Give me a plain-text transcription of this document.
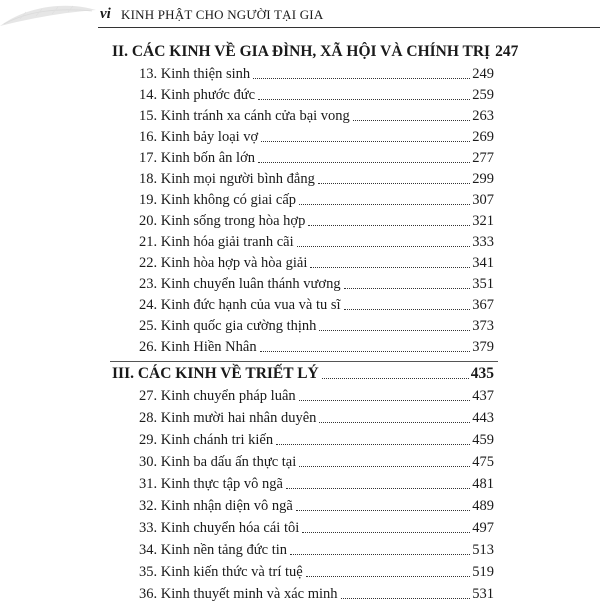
vi KINH PHẬT CHO NGƯỜI TẠI GIA
II. CÁC KINH VỀ GIA ĐÌNH, XÃ HỘI VÀ CHÍNH TRỊ 247
13. Kinh thiện sinh	249
14. Kinh phước đức	259
15. Kinh tránh xa cánh cửa bại vong	263
16. Kinh bảy loại vợ	269
17. Kinh bốn ân lớn	277
18. Kinh mọi người bình đẳng	299
19. Kinh không có giai cấp	307
20. Kinh sống trong hòa hợp	321
21. Kinh hóa giải tranh cãi	333
22. Kinh hòa hợp và hòa giải	341
23. Kinh chuyển luân thánh vương	351
24. Kinh đức hạnh của vua và tu sĩ	367
25. Kinh quốc gia cường thịnh	373
26. Kinh Hiền Nhân	379
III. CÁC KINH VỀ TRIẾT LÝ	435
27. Kinh chuyển pháp luân	437
28. Kinh mười hai nhân duyên	443
29. Kinh chánh tri kiến	459
30. Kinh ba dấu ấn thực tại	475
31. Kinh thực tập vô ngã	481
32. Kinh nhận diện vô ngã	489
33. Kinh chuyển hóa cái tôi	497
34. Kinh nền tảng đức tin	513
35. Kinh kiến thức và trí tuệ	519
36. Kinh thuyết minh và xác minh	531
